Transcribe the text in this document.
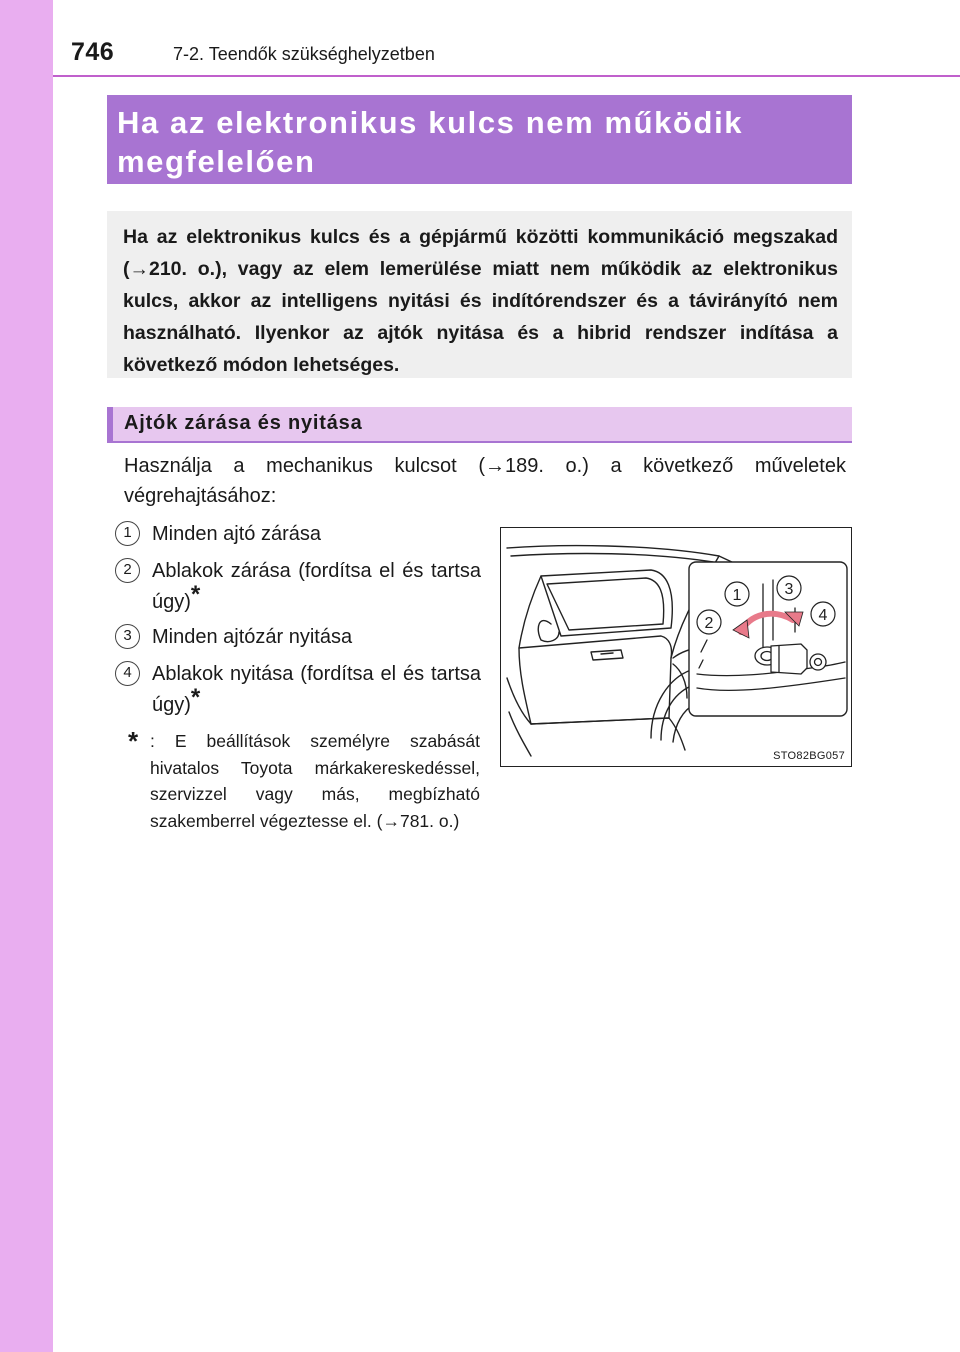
746	7-2. Teendők szükséghelyzetben
Ha az elektronikus kulcs nem működik
megfelelően
Ha az elektronikus kulcs és a gépjármű közötti kommunikáció megszakad (→210. o.), vagy az elem lemerülése miatt nem működik az elektronikus kulcs, akkor az intelligens nyitási és indítórendszer és a távirányító nem használható. Ilyenkor az ajtók nyitása és a hibrid rendszer indítása a következő módon lehetséges.
Ajtók zárása és nyitása
Használja a mechanikus kulcsot (→189. o.) a következő műveletek végrehajtásához:
1	Minden ajtó zárása
2	Ablakok zárása (fordítsa el és tartsa úgy)*
3	Minden ajtózár nyitása
4	Ablakok nyitása (fordítsa el és tartsa úgy)*
* : E beállítások személyre szabását hivatalos Toyota márkakereskedéssel, szervizzel vagy más, megbízható szakemberrel végeztesse el. (→781. o.)
1
2
3
4
STO82BG057
